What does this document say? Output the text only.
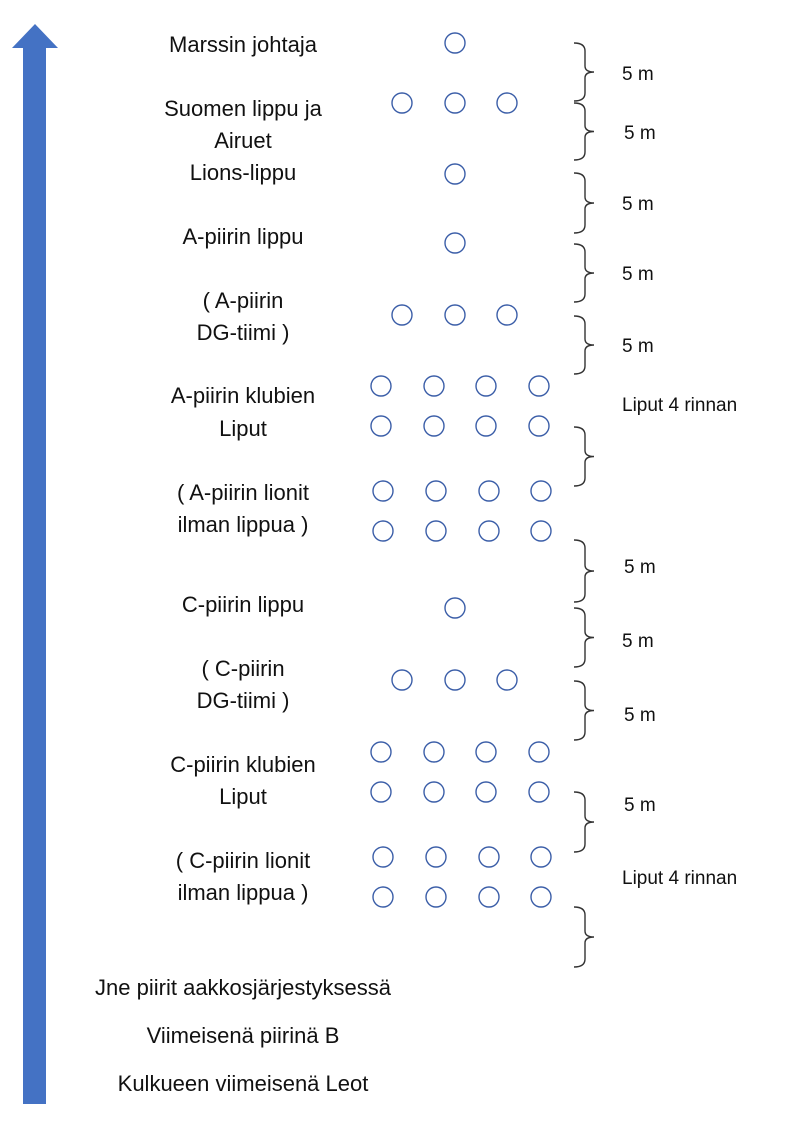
Marssin johtaja
Suomen lippu ja Airuet
Lions-lippu
A-piirin lippu
( A-piirin DG-tiimi )
A-piirin klubien Liput
( A-piirin lionit ilman lippua )
C-piirin lippu
( C-piirin DG-tiimi )
C-piirin klubien Liput
( C-piirin lionit ilman lippua )
5 m
5 m
5 m
5 m
5 m
Liput 4 rinnan
5 m
5 m
5 m
5 m
Liput 4 rinnan
Jne piirit aakkosjärjestyksessä
Viimeisenä piirinä B
Kulkueen viimeisenä Leot
